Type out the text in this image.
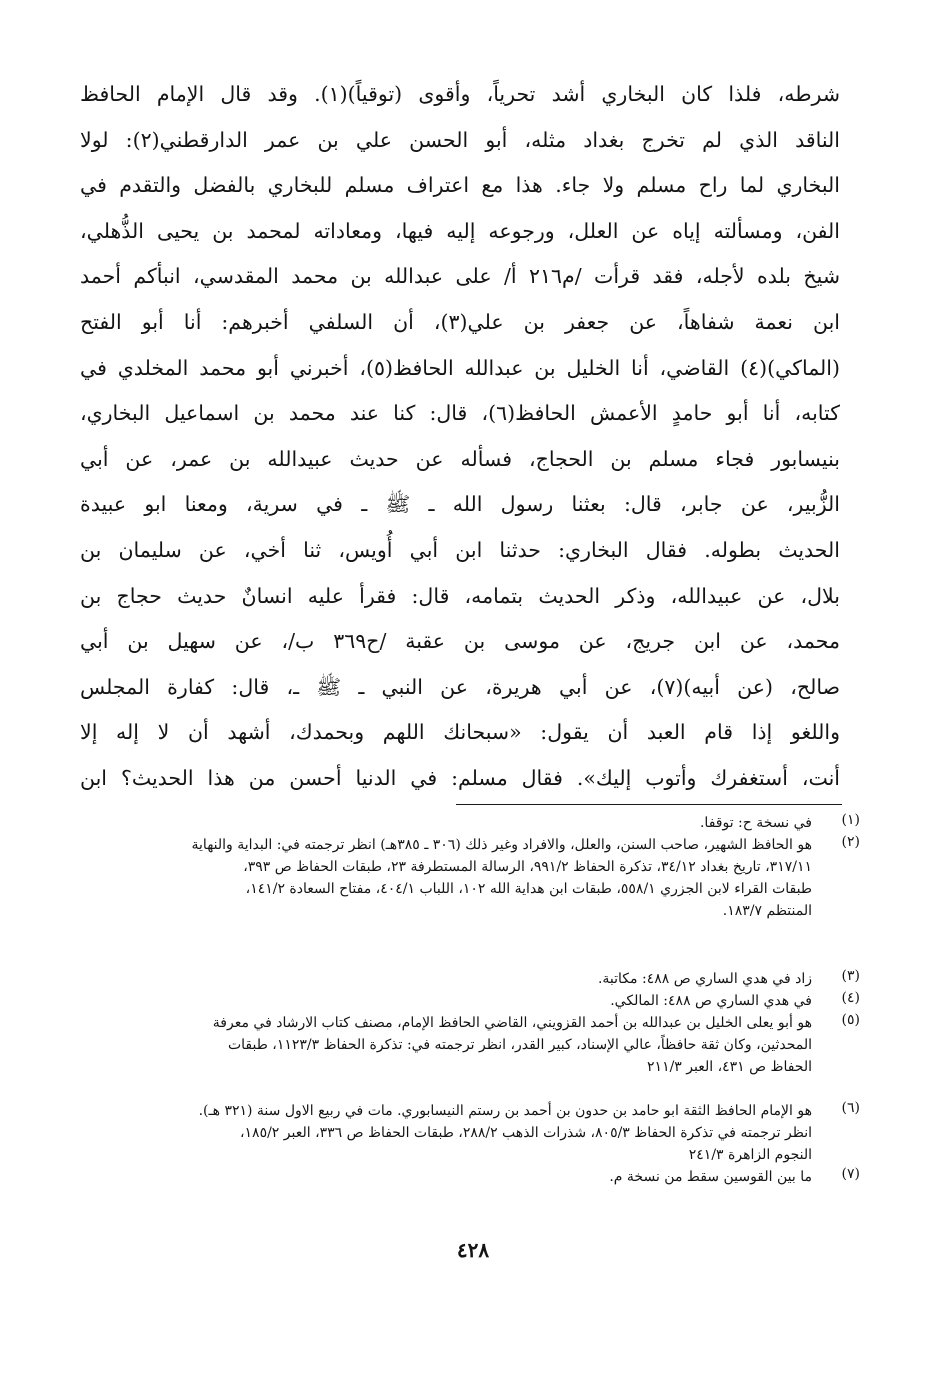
شرطه، فلذا كان البخاري أشد تحرياً، وأقوى (توقياً)(١). وقد قال الإمام الحافظ
الناقد الذي لم تخرج بغداد مثله، أبو الحسن علي بن عمر الدارقطني(٢): لولا
البخاري لما راح مسلم ولا جاء. هذا مع اعتراف مسلم للبخاري بالفضل والتقدم في
الفن، ومسألته إياه عن العلل، ورجوعه إليه فيها، ومعاداته لمحمد بن يحيى الذُّهلي،
شيخ بلده لأجله، فقد قرأت /م٢١٦ أ/ على عبدالله بن محمد المقدسي، انبأكم أحمد
ابن نعمة شفاهاً، عن جعفر بن علي(٣)، أن السلفي أخبرهم: أنا أبو الفتح
(الماكي)(٤) القاضي، أنا الخليل بن عبدالله الحافظ(٥)، أخبرني أبو محمد المخلدي في
كتابه، أنا أبو حامدٍ الأعمش الحافظ(٦)، قال: كنا عند محمد بن اسماعيل البخاري،
بنيسابور فجاء مسلم بن الحجاج، فسأله عن حديث عبيدالله بن عمر، عن أبي
الزُّبير، عن جابر، قال: بعثنا رسول الله ـ ﷺ ـ في سرية، ومعنا ابو عبيدة
الحديث بطوله. فقال البخاري: حدثنا ابن أبي أُويس، ثنا أخي، عن سليمان بن
بلال، عن عبيدالله، وذكر الحديث بتمامه، قال: فقرأ عليه انسانٌ حديث حجاج بن
محمد، عن ابن جريج، عن موسى بن عقبة /ح٣٦٩ ب/، عن سهيل بن أبي
صالح، (عن أبيه)(٧)، عن أبي هريرة، عن النبي ـ ﷺ ـ، قال: كفارة المجلس
واللغو إذا قام العبد أن يقول: «سبحانك اللهم وبحمدك، أشهد أن لا إله إلا
أنت، أستغفرك وأتوب إليك». فقال مسلم: في الدنيا أحسن من هذا الحديث؟ ابن
(١)
في نسخة ح: توقفا.
(٢)
هو الحافظ الشهير، صاحب السنن، والعلل، والافراد وغير ذلك (٣٠٦ ـ ٣٨٥هـ) انظر ترجمته في: البداية والنهاية
٣١٧/١١، تاريخ بغداد ٣٤/١٢، تذكرة الحفاظ ٩٩١/٢، الرسالة المستطرفة ٢٣، طبقات الحفاظ ص ٣٩٣،
طبقات القراء لابن الجزري ٥٥٨/١، طبقات ابن هداية الله ١٠٢، اللباب ٤٠٤/١، مفتاح السعادة ١٤١/٢،
المنتظم ١٨٣/٧.
(٣)
زاد في هدي الساري ص ٤٨٨: مكاتبة.
(٤)
في هدي الساري ص ٤٨٨: المالكي.
(٥)
هو أبو يعلى الخليل بن عبدالله بن أحمد القزويني، القاضي الحافظ الإمام، مصنف كتاب الارشاد في معرفة
المحدثين، وكان ثقة حافظاً، عالي الإسناد، كبير القدر، انظر ترجمته في: تذكرة الحفاظ ١١٢٣/٣، طبقات
الحفاظ ص ٤٣١، العبر ٢١١/٣
(٦)
هو الإمام الحافظ الثقة ابو حامد بن حدون بن أحمد بن رستم النيسابوري. مات في ربيع الاول سنة (٣٢١ هـ).
انظر ترجمته في تذكرة الحفاظ ٨٠٥/٣، شذرات الذهب ٢٨٨/٢، طبقات الحفاظ ص ٣٣٦، العبر ١٨٥/٢،
النجوم الزاهرة ٢٤١/٣
(٧)
ما بين القوسين سقط من نسخة م.
٤٢٨
